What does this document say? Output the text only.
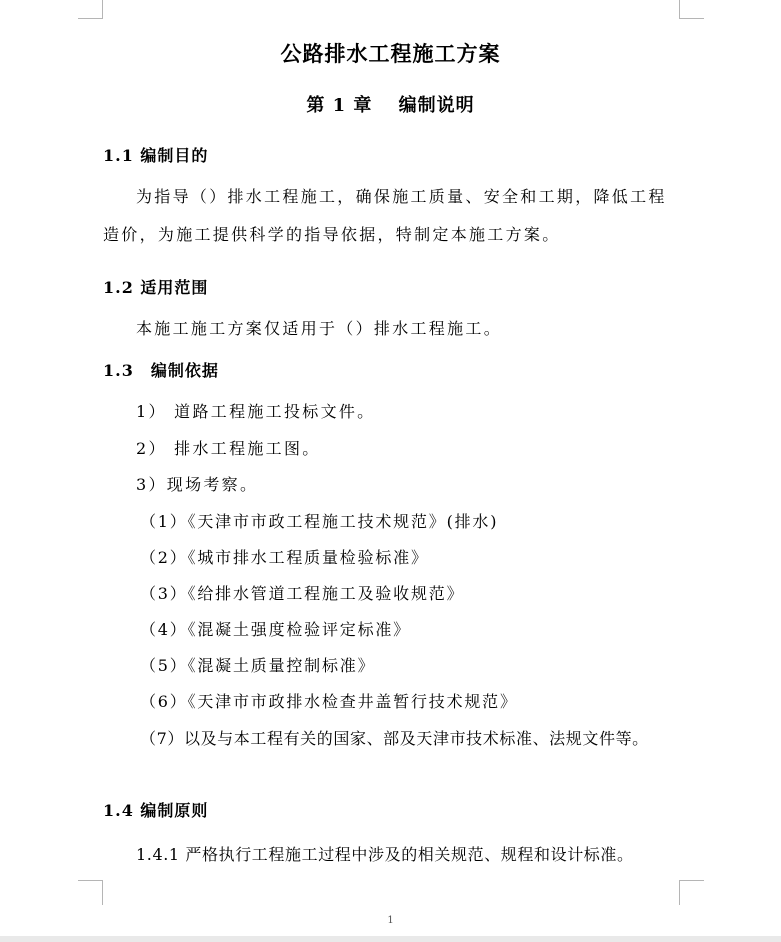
公路排水工程施工方案
第 1 章　 编制说明
1.1 编制目的
为指导（）排水工程施工，确保施工质量、安全和工期，降低工程
造价，为施工提供科学的指导依据，特制定本施工方案。
1.2 适用范围
本施工施工方案仅适用于（）排水工程施工。
1.3　编制依据
1） 道路工程施工投标文件。
2） 排水工程施工图。
3）现场考察。
（1）《天津市市政工程施工技术规范》(排水)
（2）《城市排水工程质量检验标准》
（3）《给排水管道工程施工及验收规范》
（4）《混凝土强度检验评定标准》
（5）《混凝土质量控制标准》
（6）《天津市市政排水检查井盖暂行技术规范》
（7）以及与本工程有关的国家、部及天津市技术标准、法规文件等。
1.4 编制原则
1.4.1 严格执行工程施工过程中涉及的相关规范、规程和设计标准。
1
